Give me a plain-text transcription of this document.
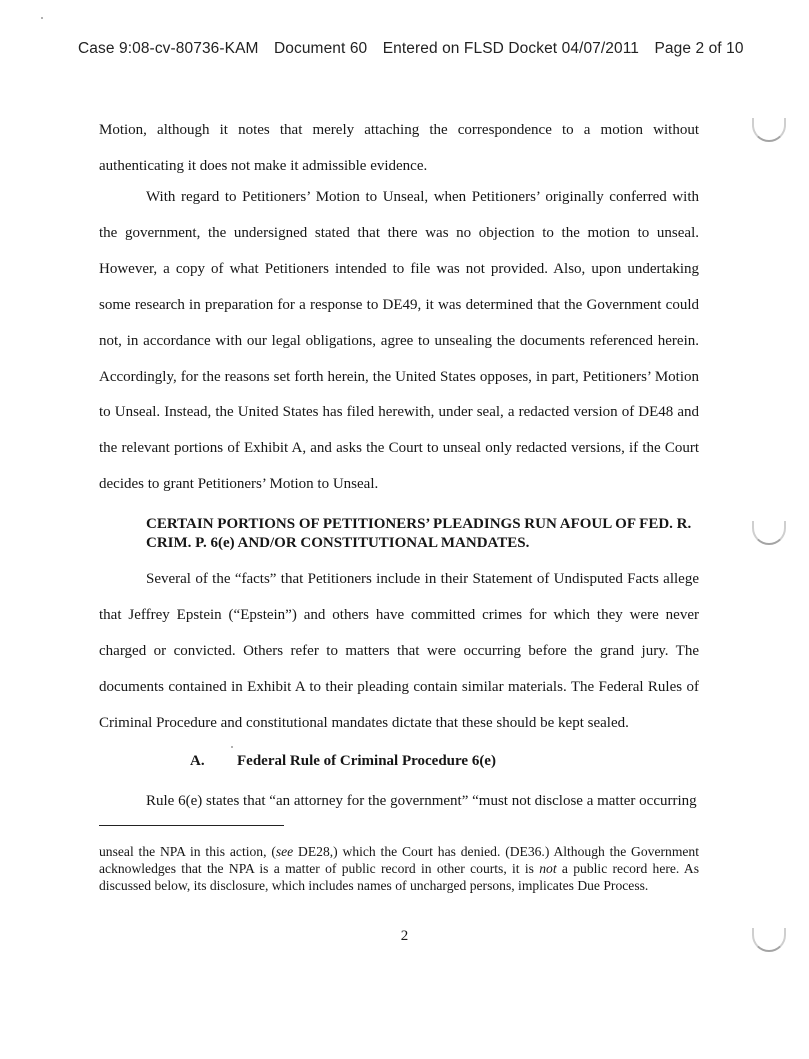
Case 9:08-cv-80736-KAM Document 60 Entered on FLSD Docket 04/07/2011 Page 2 of 10

Motion, although it notes that merely attaching the correspondence to a motion without authenticating it does not make it admissible evidence.

With regard to Petitioners’ Motion to Unseal, when Petitioners’ originally conferred with the government, the undersigned stated that there was no objection to the motion to unseal. However, a copy of what Petitioners intended to file was not provided. Also, upon undertaking some research in preparation for a response to DE49, it was determined that the Government could not, in accordance with our legal obligations, agree to unsealing the documents referenced herein. Accordingly, for the reasons set forth herein, the United States opposes, in part, Petitioners’ Motion to Unseal. Instead, the United States has filed herewith, under seal, a redacted version of DE48 and the relevant portions of Exhibit A, and asks the Court to unseal only redacted versions, if the Court decides to grant Petitioners’ Motion to Unseal.

CERTAIN PORTIONS OF PETITIONERS’ PLEADINGS RUN AFOUL OF FED. R. CRIM. P. 6(e) AND/OR CONSTITUTIONAL MANDATES.

Several of the “facts” that Petitioners include in their Statement of Undisputed Facts allege that Jeffrey Epstein (“Epstein”) and others have committed crimes for which they were never charged or convicted. Others refer to matters that were occurring before the grand jury. The documents contained in Exhibit A to their pleading contain similar materials. The Federal Rules of Criminal Procedure and constitutional mandates dictate that these should be kept sealed.

A. Federal Rule of Criminal Procedure 6(e)

Rule 6(e) states that “an attorney for the government” “must not disclose a matter occurring

unseal the NPA in this action, (see DE28,) which the Court has denied. (DE36.) Although the Government acknowledges that the NPA is a matter of public record in other courts, it is not a public record here. As discussed below, its disclosure, which includes names of uncharged persons, implicates Due Process.

2
